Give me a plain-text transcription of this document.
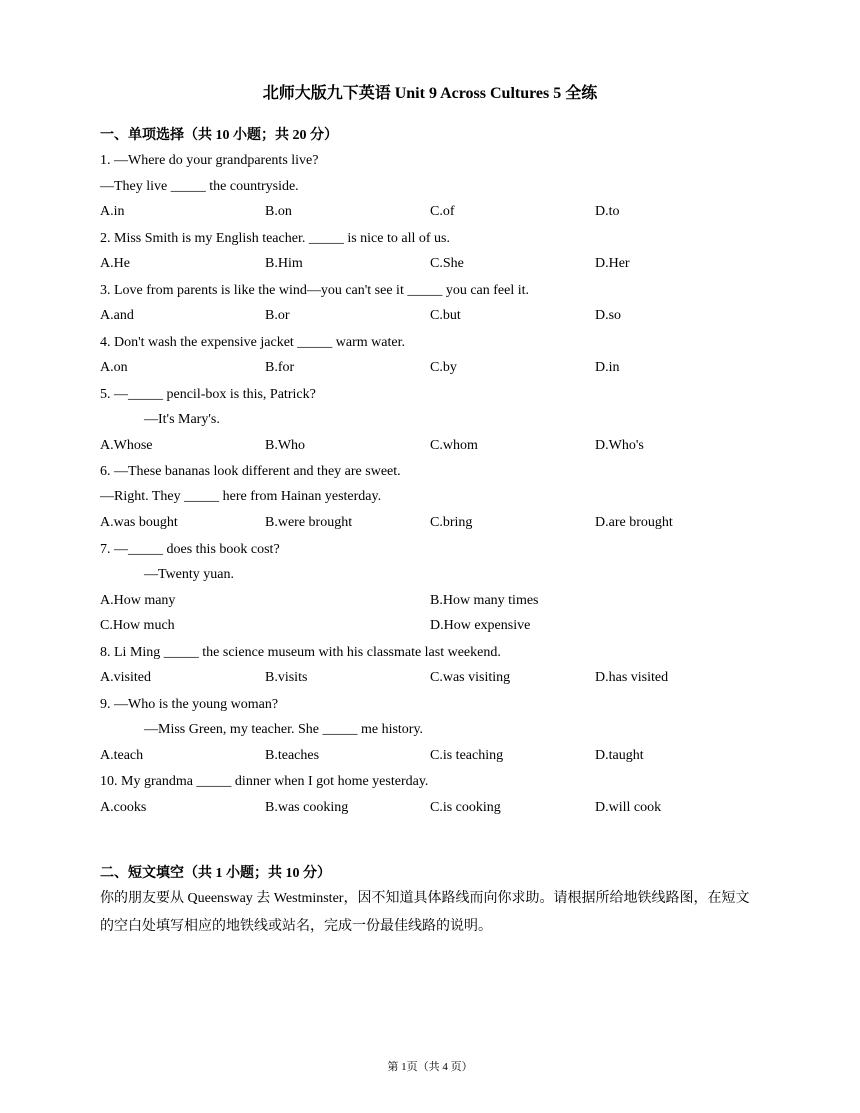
北师大版九下英语 Unit 9 Across Cultures 5 全练
一、单项选择（共 10 小题；共 20 分）
1. —Where do your grandparents live?
—They live _____ the countryside.
A.in	B.on	C.of	D.to
2. Miss Smith is my English teacher. _____ is nice to all of us.
A.He	B.Him	C.She	D.Her
3. Love from parents is like the wind—you can't see it _____ you can feel it.
A.and	B.or	C.but	D.so
4. Don't wash the expensive jacket _____ warm water.
A.on	B.for	C.by	D.in
5. —_____ pencil-box is this, Patrick?
—It's Mary's.
A.Whose	B.Who	C.whom	D.Who's
6. —These bananas look different and they are sweet.
—Right. They _____ here from Hainan yesterday.
A.was bought	B.were brought	C.bring	D.are brought
7. —_____ does this book cost?
—Twenty yuan.
A.How many	B.How many times
C.How much	D.How expensive
8. Li Ming _____ the science museum with his classmate last weekend.
A.visited	B.visits	C.was visiting	D.has visited
9. —Who is the young woman?
—Miss Green, my teacher. She _____ me history.
A.teach	B.teaches	C.is teaching	D.taught
10. My grandma _____ dinner when I got home yesterday.
A.cooks	B.was cooking	C.is cooking	D.will cook
二、短文填空（共 1 小题；共 10 分）
你的朋友要从 Queensway 去 Westminster，因不知道具体路线而向你求助。请根据所给地铁线路图，在短文的空白处填写相应的地铁线或站名，完成一份最佳线路的说明。
第 1页（共 4 页）
